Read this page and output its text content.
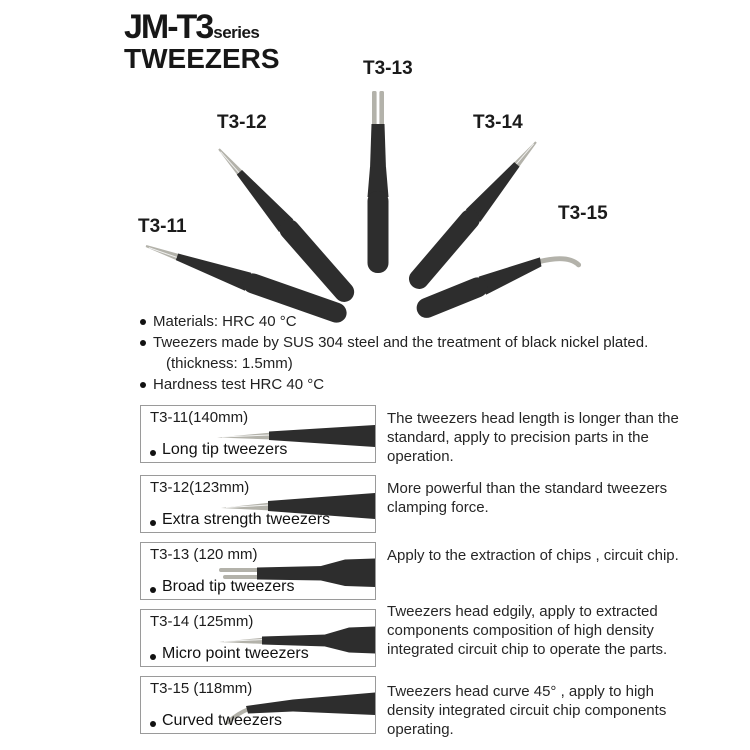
JM-T3series
TWEEZERS
T3-11
T3-12
T3-13
T3-14
T3-15
Materials: HRC 40 °C
Tweezers made by SUS 304 steel and the treatment of black nickel plated.
(thickness: 1.5mm)
Hardness test HRC 40 °C
T3-11(140mm)
Long tip tweezers
The tweezers head length is longer than the standard, apply to precision parts in the operation.
T3-12(123mm)
Extra strength tweezers
More powerful than the standard tweezers clamping force.
T3-13 (120 mm)
Broad tip tweezers
Apply to the extraction of chips , circuit chip.
T3-14 (125mm)
Micro point tweezers
Tweezers head edgily, apply to extracted components composition of high density integrated circuit chip to operate the parts.
T3-15 (118mm)
Curved tweezers
Tweezers head curve 45° , apply to high density integrated circuit chip components operating.
